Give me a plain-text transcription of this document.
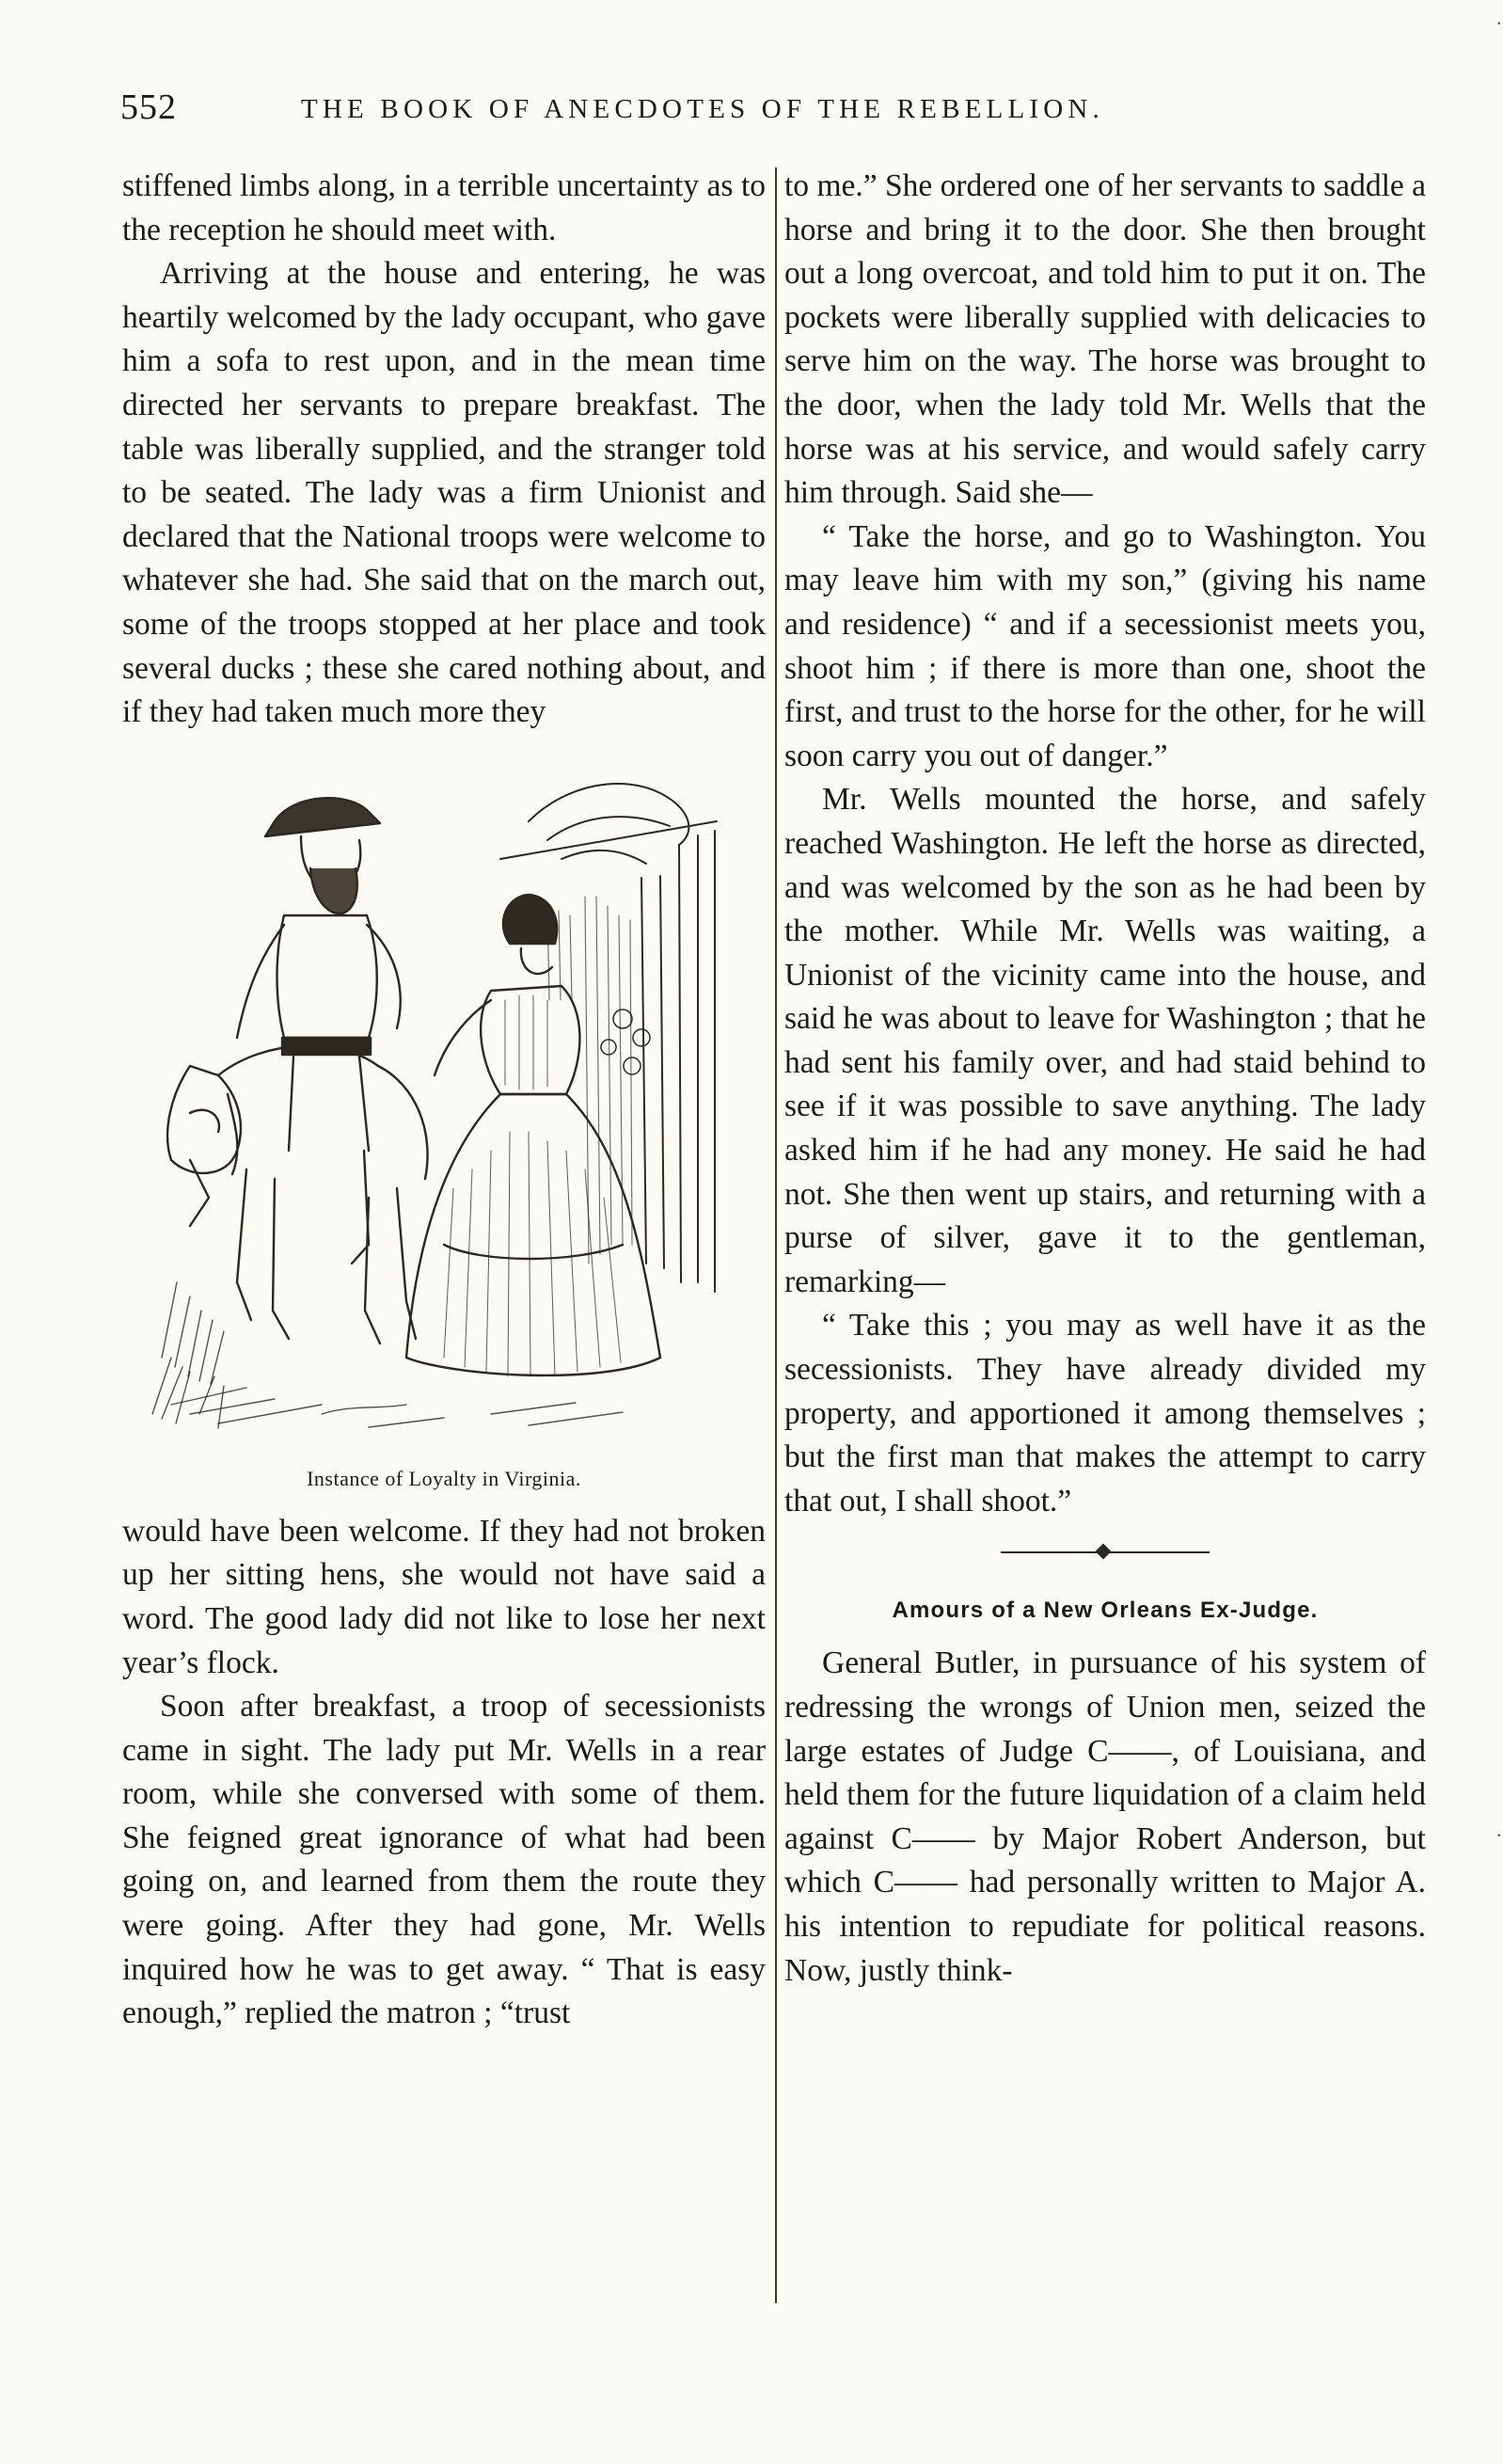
552	THE BOOK OF ANECDOTES OF THE REBELLION.

stiffened limbs along, in a terrible uncertainty as to the reception he should meet with.

Arriving at the house and entering, he was heartily welcomed by the lady occupant, who gave him a sofa to rest upon, and in the mean time directed her servants to prepare breakfast. The table was liberally supplied, and the stranger told to be seated. The lady was a firm Unionist and declared that the National troops were welcome to whatever she had. She said that on the march out, some of the troops stopped at her place and took several ducks ; these she cared nothing about, and if they had taken much more they

Instance of Loyalty in Virginia.

would have been welcome. If they had not broken up her sitting hens, she would not have said a word. The good lady did not like to lose her next year’s flock.

Soon after breakfast, a troop of secessionists came in sight. The lady put Mr. Wells in a rear room, while she conversed with some of them. She feigned great ignorance of what had been going on, and learned from them the route they were going. After they had gone, Mr. Wells inquired how he was to get away. “ That is easy enough,” replied the matron ; “trust

to me.” She ordered one of her servants to saddle a horse and bring it to the door. She then brought out a long overcoat, and told him to put it on. The pockets were liberally supplied with delicacies to serve him on the way. The horse was brought to the door, when the lady told Mr. Wells that the horse was at his service, and would safely carry him through. Said she—

“ Take the horse, and go to Washington. You may leave him with my son,” (giving his name and residence) “ and if a secessionist meets you, shoot him ; if there is more than one, shoot the first, and trust to the horse for the other, for he will soon carry you out of danger.”

Mr. Wells mounted the horse, and safely reached Washington. He left the horse as directed, and was welcomed by the son as he had been by the mother. While Mr. Wells was waiting, a Unionist of the vicinity came into the house, and said he was about to leave for Washington ; that he had sent his family over, and had staid behind to see if it was possible to save anything. The lady asked him if he had any money. He said he had not. She then went up stairs, and returning with a purse of silver, gave it to the gentleman, remarking—

“ Take this ; you may as well have it as the secessionists. They have already divided my property, and apportioned it among themselves ; but the first man that makes the attempt to carry that out, I shall shoot.”

Amours of a New Orleans Ex-Judge.

General Butler, in pursuance of his system of redressing the wrongs of Union men, seized the large estates of Judge C——, of Louisiana, and held them for the future liquidation of a claim held against C—— by Major Robert Anderson, but which C—— had personally written to Major A. his intention to repudiate for political reasons. Now, justly think-

·
·
